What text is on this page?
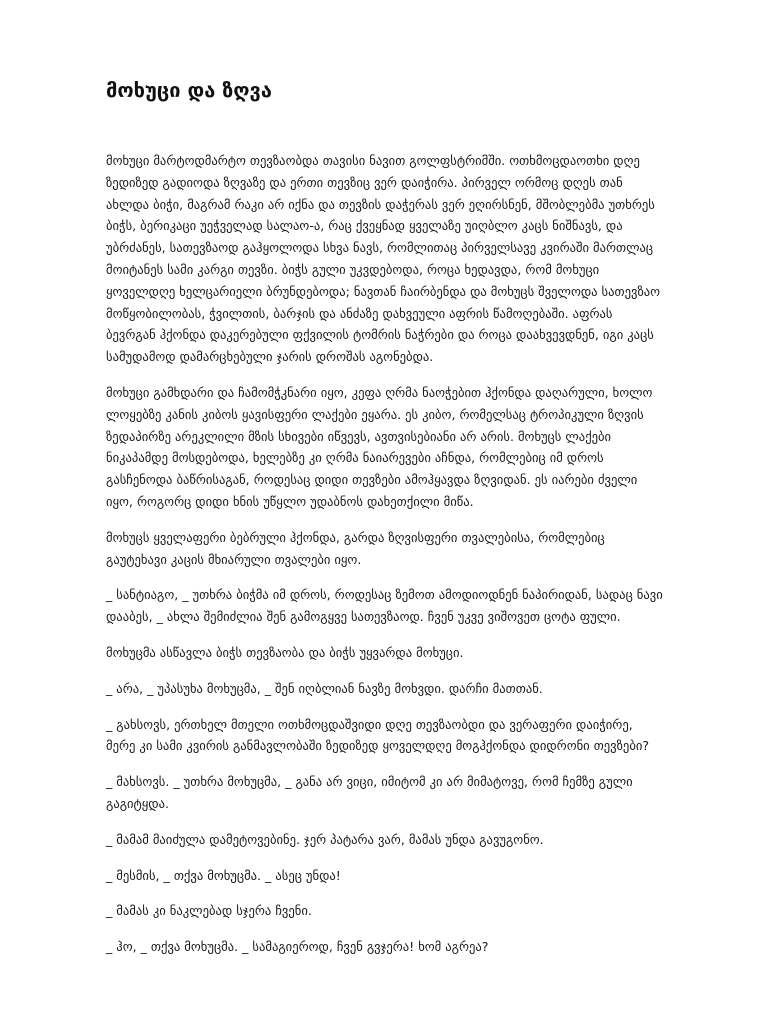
მოხუცი და ზღვა

მოხუცი მარტოდმარტო თევზაობდა თავისი ნავით გოლფსტრიმში. ოთხმოცდაოთხი დღე ზედიზედ გადიოდა ზღვაზე და ერთი თევზიც ვერ დაიჭირა. პირველ ორმოც დღეს თან ახლდა ბიჭი, მაგრამ რაკი არ იქნა და თევზის დაჭერას ვერ ეღირსნენ, მშობლებმა უთხრეს ბიჭს, ბერიკაცი უეჭველად სალაო-ა, რაც ქვეყნად ყველაზე უიღბლო კაცს ნიშნავს, და უბრძანეს, სათევზაოდ გაჰყოლოდა სხვა ნავს, რომლითაც პირველსავე კვირაში მართლაც მოიტანეს სამი კარგი თევზი. ბიჭს გული უკვდებოდა, როცა ხედავდა, რომ მოხუცი ყოველდღე ხელცარიელი ბრუნდებოდა; ნავთან ჩაირბენდა და მოხუცს შველოდა სათევზაო მოწყობილობას, ჭვილთის, ბარჯის და ანძაზე დახვეული აფრის წამოღებაში. აფრას ბევრგან ჰქონდა დაკერებული ფქვილის ტომრის ნაჭრები და როცა დაახვევდნენ, იგი კაცს სამუდამოდ დამარცხებული ჯარის დროშას აგონებდა.

მოხუცი გამხდარი და ჩამომჭკნარი იყო, კეფა ღრმა ნაოჭებით ჰქონდა დაღარული, ხოლო ლოყებზე კანის კიბოს ყავისფერი ლაქები ეყარა. ეს კიბო, რომელსაც ტროპიკული ზღვის ზედაპირზე არეკლილი მზის სხივები იწვევს, ავთვისებიანი არ არის. მოხუცს ლაქები ნიკაპამდე მოსდებოდა, ხელებზე კი ღრმა ნაიარევები აჩნდა, რომლებიც იმ დროს გასჩენოდა ბაწრისაგან, როდესაც დიდი თევზები ამოჰყავდა ზღვიდან. ეს იარები ძველი იყო, როგორც დიდი ხნის უწყლო უდაბნოს დახეთქილი მიწა.

მოხუცს ყველაფერი ბებრული ჰქონდა, გარდა ზღვისფერი თვალებისა, რომლებიც გაუტეხავი კაცის მხიარული თვალები იყო.

_ სანტიაგო, _ უთხრა ბიჭმა იმ დროს, როდესაც ზემოთ ამოდიოდნენ ნაპირიდან, სადაც ნავი დააბეს, _ ახლა შემიძლია შენ გამოგყვე სათევზაოდ. ჩვენ უკვე ვიშოვეთ ცოტა ფული.

მოხუცმა ასწავლა ბიჭს თევზაობა და ბიჭს უყვარდა მოხუცი.

_ არა, _ უპასუხა მოხუცმა, _ შენ იღბლიან ნავზე მოხვდი. დარჩი მათთან.

_ გახსოვს, ერთხელ მთელი ოთხმოცდაშვიდი დღე თევზაობდი და ვერაფერი დაიჭირე, მერე კი სამი კვირის განმავლობაში ზედიზედ ყოველდღე მოგჰქონდა დიდრონი თევზები?

_ მახსოვს. _ უთხრა მოხუცმა, _ განა არ ვიცი, იმიტომ კი არ მიმატოვე, რომ ჩემზე გული გაგიტყდა.

_ მამამ მაიძულა დამეტოვებინე. ჯერ პატარა ვარ, მამას უნდა გავუგონო.

_ მესმის, _ თქვა მოხუცმა. _ ასეც უნდა!

_ მამას კი ნაკლებად სჯერა ჩვენი.

_ ჰო, _ თქვა მოხუცმა. _ სამაგიეროდ, ჩვენ გვჯერა! ხომ აგრეა?
